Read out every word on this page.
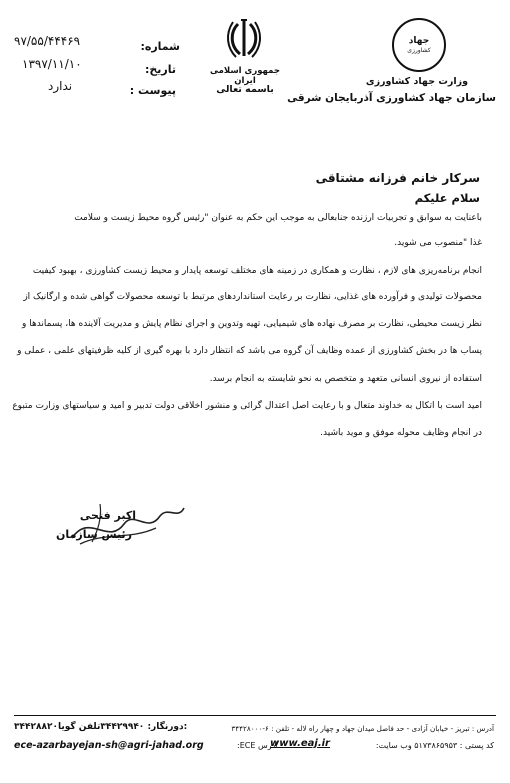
جهاد
کشاورزی
وزارت جهاد کشاورزی
سازمان جهاد کشاورزی آذربایجان شرقی
جمهوری اسلامی ایران
باسمه تعالی
شماره:
۹۷/۵۵/۴۴۴۶۹
تاریخ:
۱۳۹۷/۱۱/۱۰
پیوست :
ندارد
سرکار خانم فرزانه مشتاقی
سلام علیکم
باعنایت به سوابق و تجربیات ارزنده جنابعالی به موجب این حکم به عنوان "رئیس گروه محیط زیست و سلامت
غذا "منصوب می شوید.
انجام برنامه‌ریزی های لازم ، نظارت و همکاری در زمینه های مختلف توسعه پایدار و محیط زیست کشاورزی ، بهبود کیفیت
محصولات تولیدی و فرآورده های غذایی، نظارت بر رعایت استانداردهای مرتبط با توسعه محصولات گواهی شده و ارگانیک از
نظر زیست محیطی، نظارت بر مصرف نهاده های شیمیایی، تهیه وتدوین و اجرای نظام پایش و مدیریت آلاینده ها، پسماندها و
پساب ها در بخش کشاورزی از عمده وظایف آن گروه می باشد که انتظار دارد با بهره گیری از کلیه ظرفیتهای علمی ، عملی و
استفاده از نیروی انسانی متعهد و متخصص به نحو شایسته به انجام برسد.
امید است با اتکال به خداوند متعال و با رعایت اصل اعتدال گرائی و منشور اخلاقی دولت تدبیر و امید و سیاستهای وزارت متبوع
در انجام وظایف محوله موفق و موید باشید.
اکبر فتحی
رئیس سازمان
آدرس : تبریز - خیابان آزادی - حد فاصل میدان جهاد و چهار راه لاله - تلفن : ۶-۳۴۴۲۸۰۰۰
۳۴۴۲۸۸۲۰دورنگار: ۳۴۴۲۹۹۴۰تلفن گویا:
ece-azarbayejan-sh@agri-jahad.org	آدرس ECE:
www.eaj.ir	کد پستی : ۵۱۷۳۸۶۵۹۵۳ وب سایت:
